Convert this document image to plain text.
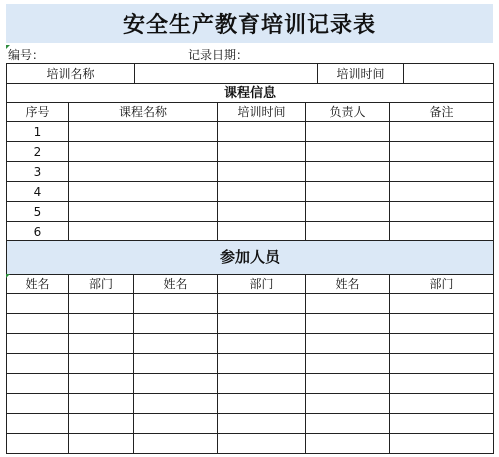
安全生产教育培训记录表
编号：	记录日期：
培训名称		培训时间	
课程信息				
序号	课程名称	培训时间	负责人	备注
1				
2				
3				
4				
5				
6				
参加人员					
姓名	部门	姓名	部门	姓名	部门
